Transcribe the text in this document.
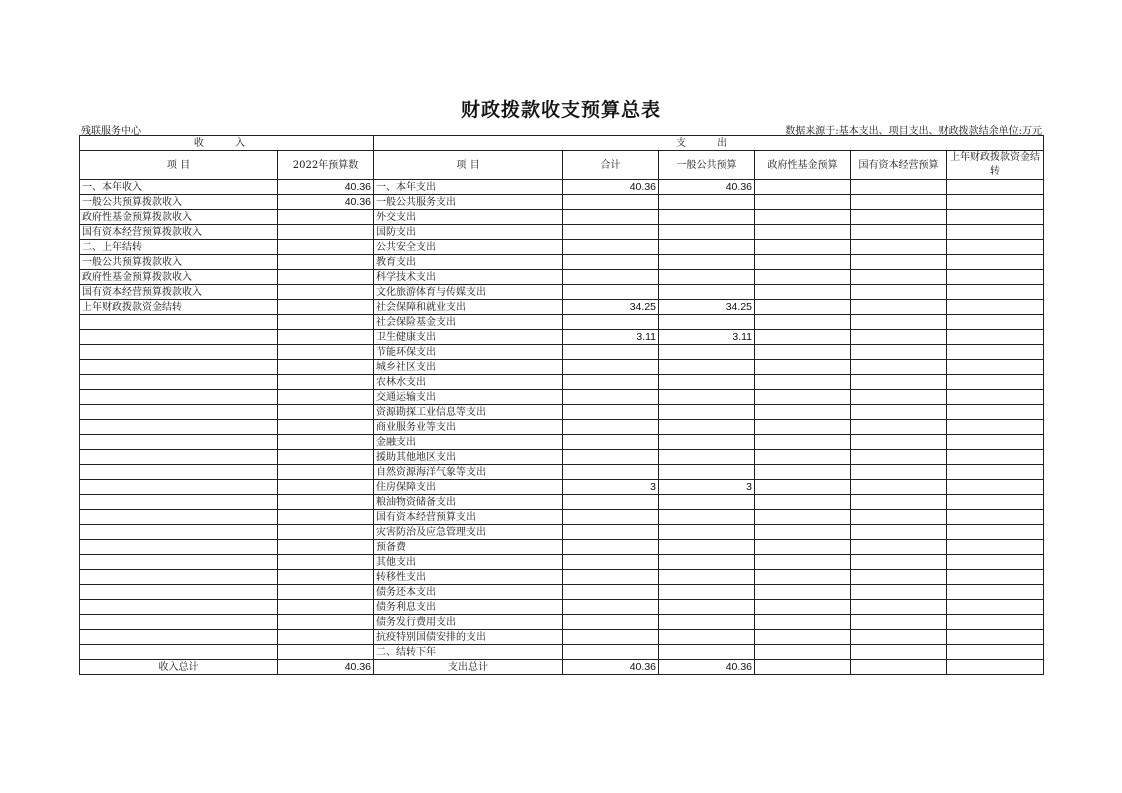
财政拨款收支预算总表
残联服务中心	数据来源于:基本支出、项目支出、财政拨款结余单位:万元
收 入		支 出					
项 目	2022年预算数	项 目	合计	一般公共预算	政府性基金预算	国有资本经营预算	上年财政拨款资金结转
一、本年收入	40.36	一、本年支出	40.36	40.36			
一般公共预算拨款收入	40.36	一般公共服务支出					
政府性基金预算拨款收入		外交支出					
国有资本经营预算拨款收入		国防支出					
二、上年结转		公共安全支出					
一般公共预算拨款收入		教育支出					
政府性基金预算拨款收入		科学技术支出					
国有资本经营预算拨款收入		文化旅游体育与传媒支出					
上年财政拨款资金结转		社会保障和就业支出	34.25	34.25			
		社会保险基金支出					
		卫生健康支出	3.11	3.11			
		节能环保支出					
		城乡社区支出					
		农林水支出					
		交通运输支出					
		资源勘探工业信息等支出					
		商业服务业等支出					
		金融支出					
		援助其他地区支出					
		自然资源海洋气象等支出					
		住房保障支出	3	3			
		粮油物资储备支出					
		国有资本经营预算支出					
		灾害防治及应急管理支出					
		预备费					
		其他支出					
		转移性支出					
		债务还本支出					
		债务利息支出					
		债务发行费用支出					
		抗疫特别国债安排的支出					
		二、结转下年					
收入总计	40.36	支出总计	40.36	40.36			
